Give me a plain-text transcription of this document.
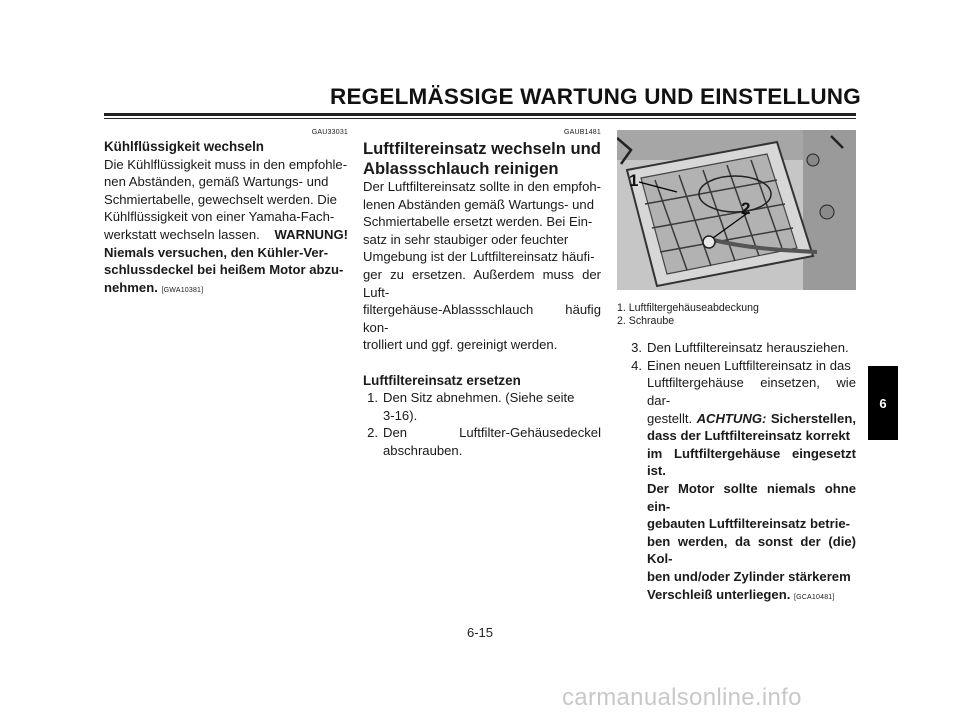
REGELMÄSSIGE WARTUNG UND EINSTELLUNG
GAU33031
Kühlflüssigkeit wechseln
Die Kühlflüssigkeit muss in den empfohle-
nen Abständen, gemäß Wartungs- und
Schmiertabelle, gewechselt werden. Die
Kühlflüssigkeit von einer Yamaha-Fach-
werkstatt wechseln lassen. WARNUNG!
Niemals versuchen, den Kühler-Ver-
schlussdeckel bei heißem Motor abzu-
nehmen. [GWA10381]
GAUB1481
Luftfiltereinsatz wechseln und
Ablassschlauch reinigen
Der Luftfiltereinsatz sollte in den empfoh-
lenen Abständen gemäß Wartungs- und
Schmiertabelle ersetzt werden. Bei Ein-
satz in sehr staubiger oder feuchter
Umgebung ist der Luftfiltereinsatz häufi-
ger zu ersetzen. Außerdem muss der Luft-
filtergehäuse-Ablassschlauch häufig kon-
trolliert und ggf. gereinigt werden.
Luftfiltereinsatz ersetzen
1. Den Sitz abnehmen. (Siehe seite
3-16).
2. Den Luftfilter-Gehäusedeckel
abschrauben.
1
2
1. Luftfiltergehäuseabdeckung
2. Schraube
3. Den Luftfiltereinsatz herausziehen.
4. Einen neuen Luftfiltereinsatz in das
Luftfiltergehäuse einsetzen, wie dar-
gestellt. ACHTUNG: Sicherstellen,
dass der Luftfiltereinsatz korrekt
im Luftfiltergehäuse eingesetzt ist.
Der Motor sollte niemals ohne ein-
gebauten Luftfiltereinsatz betrie-
ben werden, da sonst der (die) Kol-
ben und/oder Zylinder stärkerem
Verschleiß unterliegen. [GCA10481]
6
6-15
carmanualsonline.info
